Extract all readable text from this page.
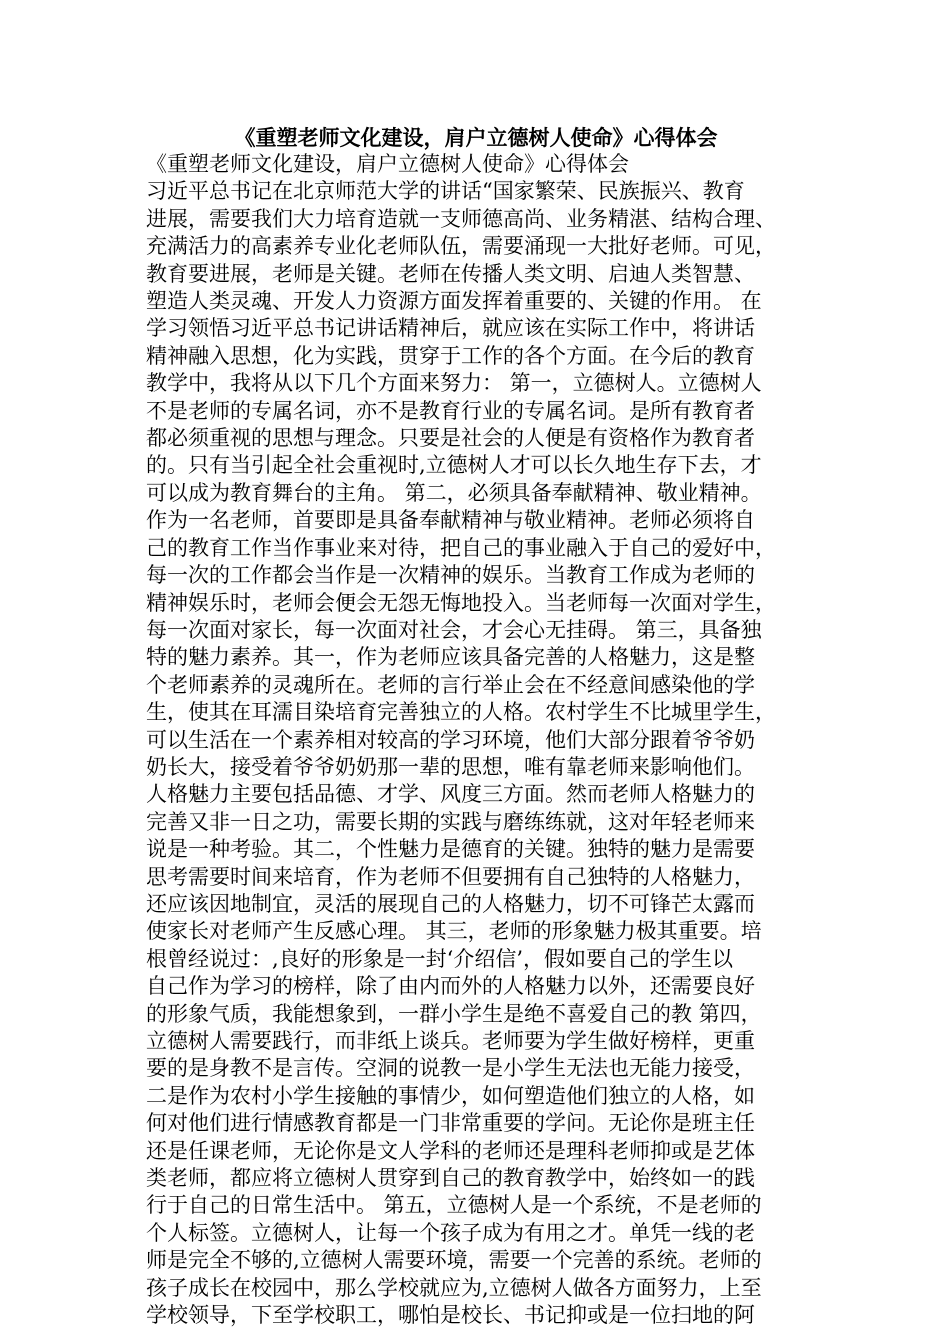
《重塑老师文化建设，肩户立德树人使命》心得体会

《重塑老师文化建设，肩户立德树人使命》心得体会

习近平总书记在北京师范大学的讲话“国家繁荣、民族振兴、教育

进展，需要我们大力培育造就一支师德高尚、业务精湛、结构合理、

充满活力的高素养专业化老师队伍，需要涌现一大批好老师。可见，

教育要进展，老师是关键。老师在传播人类文明、启迪人类智慧、

塑造人类灵魂、开发人力资源方面发挥着重要的、关键的作用。 在

学习领悟习近平总书记讲话精神后，就应该在实际工作中，将讲话

精神融入思想，化为实践，贯穿于工作的各个方面。在今后的教育

教学中，我将从以下几个方面来努力： 第一，立德树人。立德树人

不是老师的专属名词，亦不是教育行业的专属名词。是所有教育者

都必须重视的思想与理念。只要是社会的人便是有资格作为教育者

的。只有当引起全社会重视时,立德树人才可以长久地生存下去，才

可以成为教育舞台的主角。 第二，必须具备奉献精神、敬业精神。

作为一名老师，首要即是具备奉献精神与敬业精神。老师必须将自

己的教育工作当作事业来对待，把自己的事业融入于自己的爱好中，

每一次的工作都会当作是一次精神的娱乐。当教育工作成为老师的

精神娱乐时，老师会便会无怨无悔地投入。当老师每一次面对学生，

每一次面对家长，每一次面对社会，才会心无挂碍。 第三，具备独

特的魅力素养。其一，作为老师应该具备完善的人格魅力，这是整

个老师素养的灵魂所在。老师的言行举止会在不经意间感染他的学

生，使其在耳濡目染培育完善独立的人格。农村学生不比城里学生，

可以生活在一个素养相对较高的学习环境，他们大部分跟着爷爷奶

奶长大，接受着爷爷奶奶那一辈的思想，唯有靠老师来影响他们。

人格魅力主要包括品德、才学、风度三方面。然而老师人格魅力的

完善又非一日之功，需要长期的实践与磨练练就，这对年轻老师来

说是一种考验。其二，个性魅力是德育的关键。独特的魅力是需要

思考需要时间来培育，作为老师不但要拥有自己独特的人格魅力，

还应该因地制宜，灵活的展现自己的人格魅力，切不可锋芒太露而

使家长对老师产生反感心理。 其三，老师的形象魅力极其重要。培

根曾经说过：,良好的形象是一封‘介绍信’，假如要自己的学生以

自己作为学习的榜样，除了由内而外的人格魅力以外，还需要良好

的形象气质，我能想象到，一群小学生是绝不喜爱自己的教 第四，

立德树人需要践行，而非纸上谈兵。老师要为学生做好榜样，更重

要的是身教不是言传。空洞的说教一是小学生无法也无能力接受，

二是作为农村小学生接触的事情少，如何塑造他们独立的人格，如

何对他们进行情感教育都是一门非常重要的学问。无论你是班主任

还是任课老师，无论你是文人学科的老师还是理科老师抑或是艺体

类老师，都应将立德树人贯穿到自己的教育教学中，始终如一的践

行于自己的日常生活中。 第五，立德树人是一个系统，不是老师的

个人标签。立德树人，让每一个孩子成为有用之才。单凭一线的老

师是完全不够的,立德树人需要环境，需要一个完善的系统。老师的

孩子成长在校园中，那么学校就应为,立德树人做各方面努力，上至

学校领导，下至学校职工，哪怕是校长、书记抑或是一位扫地的阿
